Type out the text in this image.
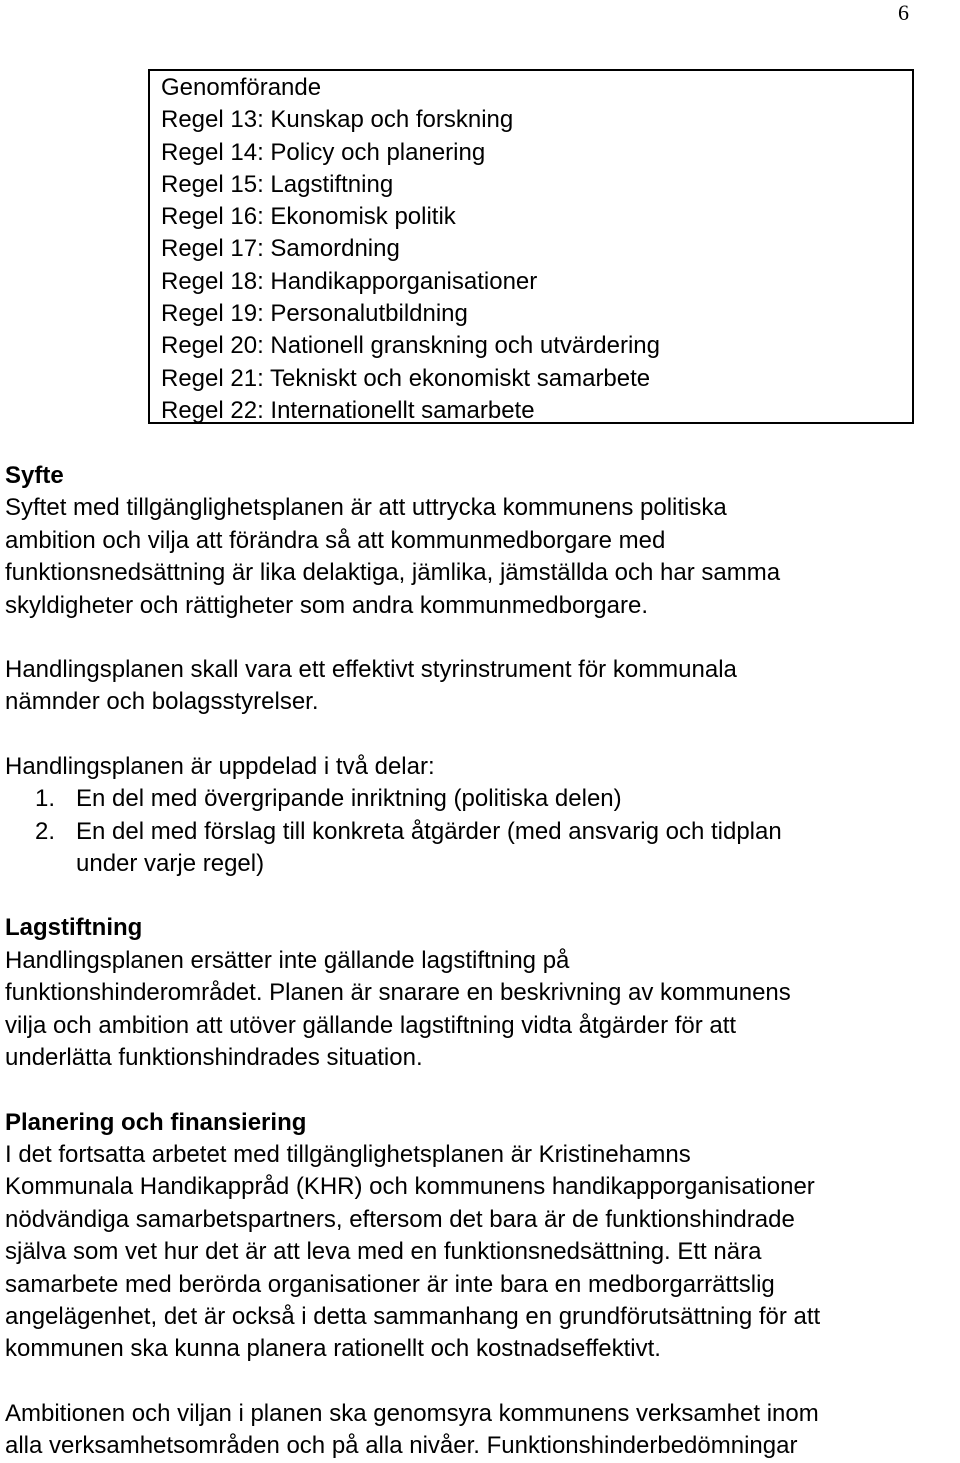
6
Genomförande
Regel 13: Kunskap och forskning
Regel 14: Policy och planering
Regel 15: Lagstiftning
Regel 16: Ekonomisk politik
Regel 17: Samordning
Regel 18: Handikapporganisationer
Regel 19: Personalutbildning
Regel 20: Nationell granskning och utvärdering
Regel 21: Tekniskt och ekonomiskt samarbete
Regel 22: Internationellt samarbete

Syfte

Syftet med tillgänglighetsplanen är att uttrycka kommunens politiska

ambition och vilja att förändra så att kommunmedborgare med

funktionsnedsättning är lika delaktiga, jämlika, jämställda och har samma

skyldigheter och rättigheter som andra kommunmedborgare.

Handlingsplanen skall vara ett effektivt styrinstrument för kommunala

nämnder och bolagsstyrelser.

Handlingsplanen är uppdelad i två delar:

1. En del med övergripande inriktning (politiska delen)
2. En del med förslag till konkreta åtgärder (med ansvarig och tidplan
under varje regel)

Lagstiftning

Handlingsplanen ersätter inte gällande lagstiftning på

funktionshinderområdet. Planen är snarare en beskrivning av kommunens

vilja och ambition att utöver gällande lagstiftning vidta åtgärder för att

underlätta funktionshindrades situation.

Planering och finansiering

I det fortsatta arbetet med tillgänglighetsplanen är Kristinehamns

Kommunala Handikappråd (KHR) och kommunens handikapporganisationer

nödvändiga samarbetspartners, eftersom det bara är de funktionshindrade

själva som vet hur det är att leva med en funktionsnedsättning. Ett nära

samarbete med berörda organisationer är inte bara en medborgarrättslig

angelägenhet, det är också i detta sammanhang en grundförutsättning för att

kommunen ska kunna planera rationellt och kostnadseffektivt.

Ambitionen och viljan i planen ska genomsyra kommunens verksamhet inom

alla verksamhetsområden och på alla nivåer. Funktionshinderbedömningar
